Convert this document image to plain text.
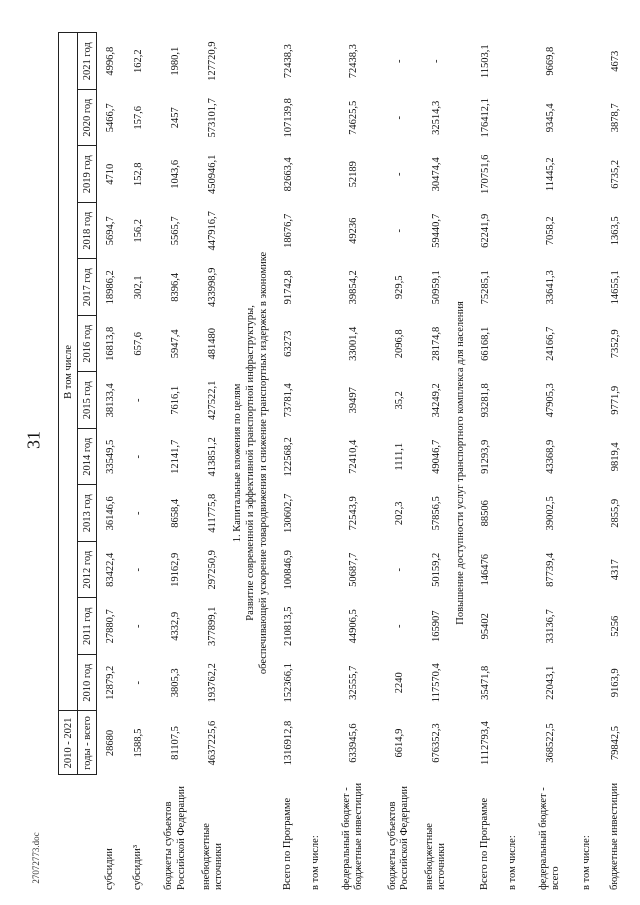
31
27072773.doc
	2010 - 2021	В том числе											
	годы - всего	2010 год	2011 год	2012 год	2013 год	2014 год	2015 год	2016 год	2017 год	2018 год	2019 год	2020 год	2021 год
субсидии	28680	12879,2	27880,7	83422,4	36146,6	33549,5	38133,4	16813,8	18986,2	5694,7	4710	5466,7	4996,8
субсидии³	1588,5	-	-	-	-	-	-	657,6	302,1	156,2	152,8	157,6	162,2
бюджеты субъектов Российской Федерации	81107,5	3805,3	4332,9	19162,9	8658,4	12141,7	7616,1	5947,4	8396,4	5565,7	1043,6	2457	1980,1
внебюджетные источники	4637225,6	193762,2	377899,1	297250,9	411775,8	413851,2	427522,1	481480	433998,9	447916,7	450946,1	573101,7	127720,9

1. Капитальные вложения по целям Развитие современной и эффективной транспортной инфраструктуры, обеспечивающей ускорение товародвижения и снижение транспортных издержек в экономике													

Всего по Программе	1316912,8	152366,1	210813,5	100846,9	130602,7	122568,2	73781,4	63273	91742,8	18676,7	82663,4	107139,8	72438,3
в том числе:													
федеральный бюджет - бюджетные инвестиции	633945,6	32555,7	44906,5	50687,7	72543,9	72410,4	39497	33001,4	39854,2	49236	52189	74625,5	72438,3
бюджеты субъектов Российской Федерации	6614,9	2240	-	-	202,3	1111,1	35,2	2096,8	929,5	-	-	-	-
внебюджетные источники	676352,3	117570,4	165907	50159,2	57856,5	49046,7	34249,2	28174,8	50959,1	59440,7	30474,4	32514,3	-

Повышение доступности услуг транспортного комплекса для населения													

Всего по Программе	1112793,4	35471,8	95402	146476	88506	91293,9	93281,8	66168,1	75285,1	62241,9	170751,6	176412,1	11503,1
в том числе:													
федеральный бюджет - всего	368522,5	22043,1	33136,7	87739,4	39002,5	43368,9	47905,3	24166,7	33641,3	7058,2	11445,2	9345,4	9669,8
в том числе:													
бюджетные инвестиции	79842,5	9163,9	5256	4317	2855,9	9819,4	9771,9	7352,9	14655,1	1363,5	6735,2	3878,7	4673
